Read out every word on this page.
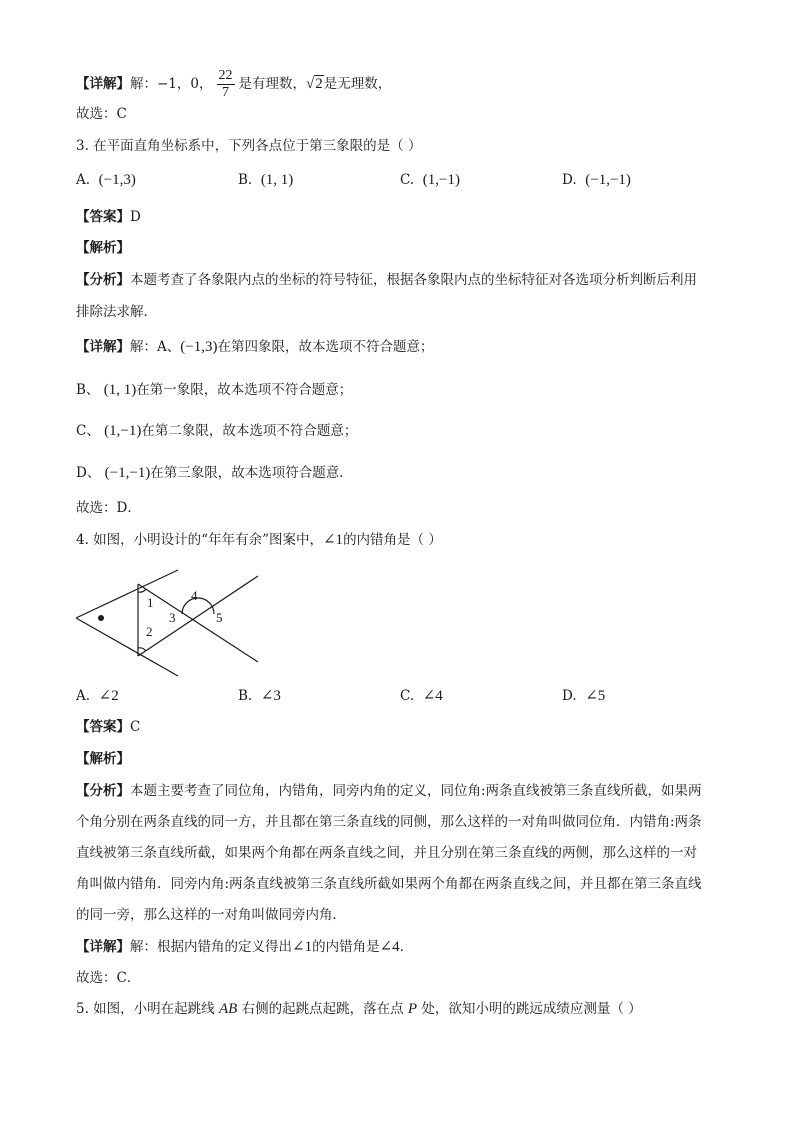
【详解】解：−1，0， $\frac{22}{7}$ 是有理数，√2是无理数，
故选：C
3. 在平面直角坐标系中，下列各点位于第三象限的是（ ）
A. (−1,3)	B. (1, 1)	C. (1,−1)	D. (−1,−1)
【答案】D
【解析】
【分析】本题考查了各象限内点的坐标的符号特征，根据各象限内点的坐标特征对各选项分析判断后利用
排除法求解．
【详解】解：A、(−1,3)在第四象限，故本选项不符合题意；
B、 (1, 1)在第一象限，故本选项不符合题意；
C、 (1,−1)在第二象限，故本选项不符合题意；
D、 (−1,−1)在第三象限，故本选项符合题意．
故选：D．
4. 如图，小明设计的“年年有余”图案中，∠1的内错角是（ ）
1
2
3
4
5
A. ∠2	B. ∠3	C. ∠4	D. ∠5
【答案】C
【解析】
【分析】本题主要考查了同位角，内错角，同旁内角的定义，同位角:两条直线被第三条直线所截，如果两
个角分别在两条直线的同一方，并且都在第三条直线的同侧，那么这样的一对角叫做同位角．内错角:两条
直线被第三条直线所截，如果两个角都在两条直线之间，并且分别在第三条直线的两侧，那么这样的一对
角叫做内错角．同旁内角:两条直线被第三条直线所截如果两个角都在两条直线之间，并且都在第三条直线
的同一旁，那么这样的一对角叫做同旁内角．
【详解】解：根据内错角的定义得出∠1的内错角是∠4．
故选：C．
5. 如图，小明在起跳线 AB 右侧的起跳点起跳，落在点 P 处，欲知小明的跳远成绩应测量（ ）
